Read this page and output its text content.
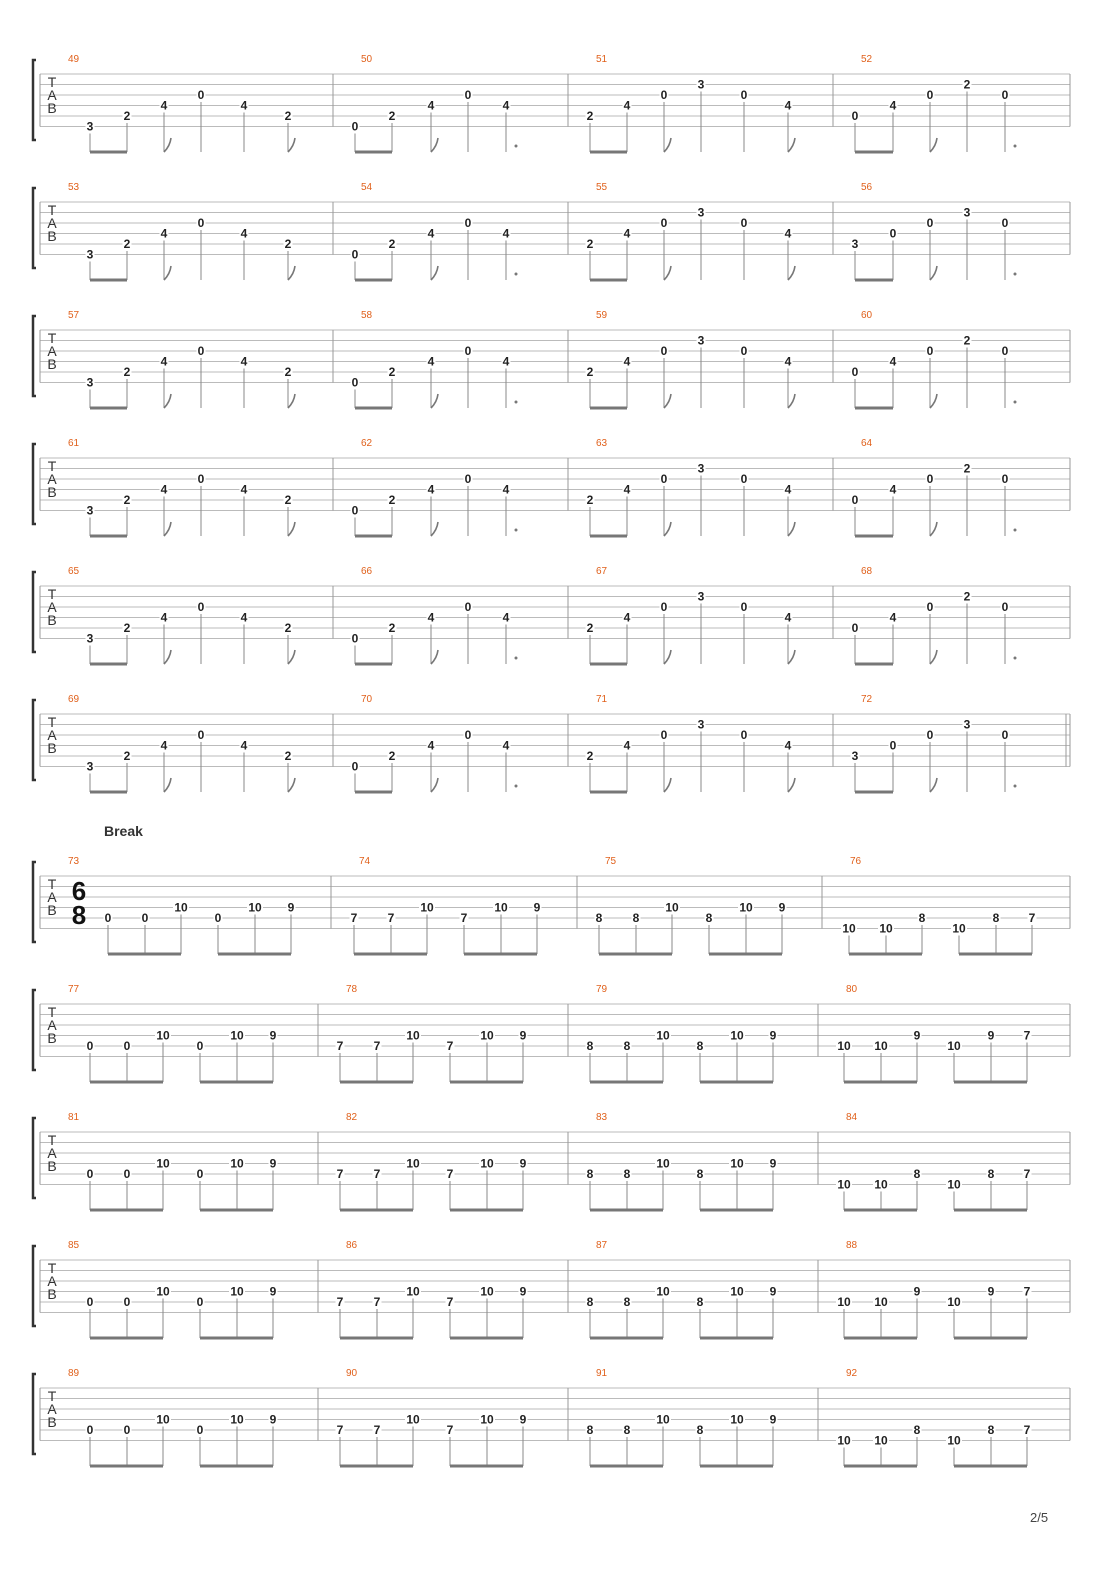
T
A
B
49
3
2
4
0
4
2
50
0
2
4
0
4
51
2
4
0
3
0
4
52
0
4
0
2
0
T
A
B
53
3
2
4
0
4
2
54
0
2
4
0
4
55
2
4
0
3
0
4
56
3
0
0
3
0
T
A
B
57
3
2
4
0
4
2
58
0
2
4
0
4
59
2
4
0
3
0
4
60
0
4
0
2
0
T
A
B
61
3
2
4
0
4
2
62
0
2
4
0
4
63
2
4
0
3
0
4
64
0
4
0
2
0
T
A
B
65
3
2
4
0
4
2
66
0
2
4
0
4
67
2
4
0
3
0
4
68
0
4
0
2
0
T
A
B
69
3
2
4
0
4
2
70
0
2
4
0
4
71
2
4
0
3
0
4
72
3
0
0
3
0
T
A
B
6
8
Break
73
0	0
10
0
10 9
74
7	7
10
7
10 9
75
8	8
10
8
10 9
76
10 10
8
10
8 7
T
A
B
77
0	0
10
0
10 9
78
7	7
10
7
10 9
79
8	8
10
8
10 9
80
10 10
9
10
9 7
T
A
B
81
0	0
10
0
10 9
82
7	7
10
7
10 9
83
8	8
10
8
10 9
84
10 10
8
10
8 7
T
A
B
85
0	0
10
0
10 9
86
7	7
10
7
10 9
87
8	8
10
8
10 9
88
10 10
9
10
9 7
T
A
B
89
0	0
10
0
10 9
90
7	7
10
7
10 9
91
8	8
10
8
10 9
92
10 10
8
10
8 7
2/5
